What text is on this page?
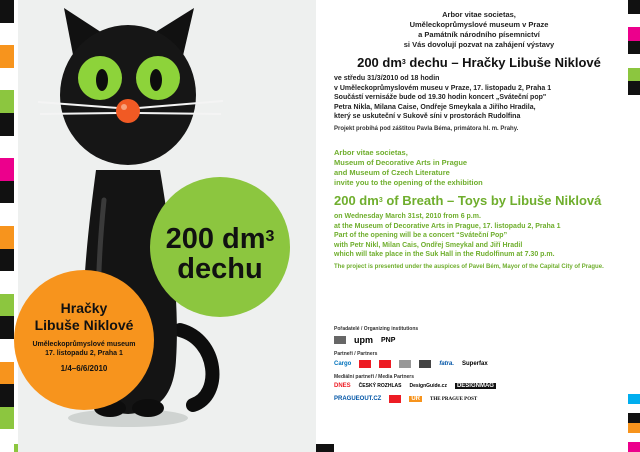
200 $dm^3$
dechu
Hračky
Libuše Niklové
Uměleckoprůmyslové museum
17. listopadu 2, Praha 1
1/4–6/6/2010
Arbor vitae societas,
Uměleckoprůmyslové museum v Praze
a Památník národního písemnictví
si Vás dovolují pozvat na zahájení výstavy
200 $dm^3$ dechu – Hračky Libuše Niklové
ve středu 31/3/2010 od 18 hodin
v Uměleckoprůmyslovém museu v Praze, 17. listopadu 2, Praha 1
Součástí vernisáže bude od 19.30 hodin koncert „Sváteční pop"
Petra Nikla, Milana Caise, Ondřeje Smeykala a Jiřího Hradila,
který se uskuteční v Sukově síni v prostorách Rudolfina
Projekt probíhá pod záštitou Pavla Béma, primátora hl. m. Prahy.
Arbor vitae societas,
Museum of Decorative Arts in Prague
and Museum of Czech Literature
invite you to the opening of the exhibition
200 $dm^3$ of Breath – Toys by Libuše Niklová
on Wednesday March 31st, 2010 from 6 p.m.
at the Museum of Decorative Arts in Prague, 17. listopadu 2, Praha 1
Part of the opening will be a concert “Sváteční Pop”
with Petr Nikl, Milan Cais, Ondřej Smeykal and Jiří Hradil
which will take place in the Suk Hall in the Rudolfinum at 7.30 p.m.
The project is presented under the auspices of Pavel Bém, Mayor of the Capital City of Prague.
Pořadatelé / Organizing institutions
upm PNP
Partneři / Partners
Cargo	fatra. Superfax
Mediální partneři / Media Partners
DNES ČESKÝ ROZHLAS DesignGuide.cz	DESIGNMAG
PRAGUEOUT.CZ	UR	THE PRAGUE POST
